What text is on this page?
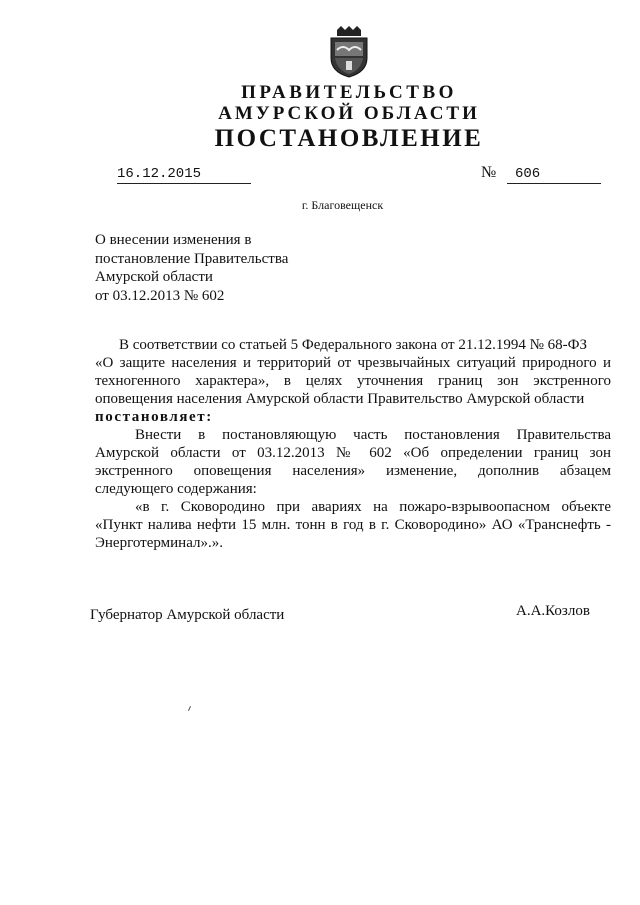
ПРАВИТЕЛЬСТВО
АМУРСКОЙ ОБЛАСТИ
ПОСТАНОВЛЕНИЕ
16.12.2015	№	606
г. Благовещенск
О внесении изменения в
постановление Правительства
Амурской области
от 03.12.2013 № 602
В соответствии со статьей 5 Федерального закона от 21.12.1994 № 68-ФЗ
«О защите населения и территорий от чрезвычайных ситуаций природного и
техногенного характера», в целях уточнения границ зон экстренного
оповещения населения Амурской области Правительство Амурской области
постановляет:
Внести в постановляющую часть постановления Правительства
Амурской области от 03.12.2013 № 602 «Об определении границ зон
экстренного оповещения населения» изменение, дополнив абзацем
следующего содержания:
«в г. Сковородино при авариях на пожаро-взрывоопасном объекте
«Пункт налива нефти 15 млн. тонн в год в г. Сковородино» АО «Транснефть -
Энерготерминал».».
Губернатор Амурской области	А.А.Козлов
